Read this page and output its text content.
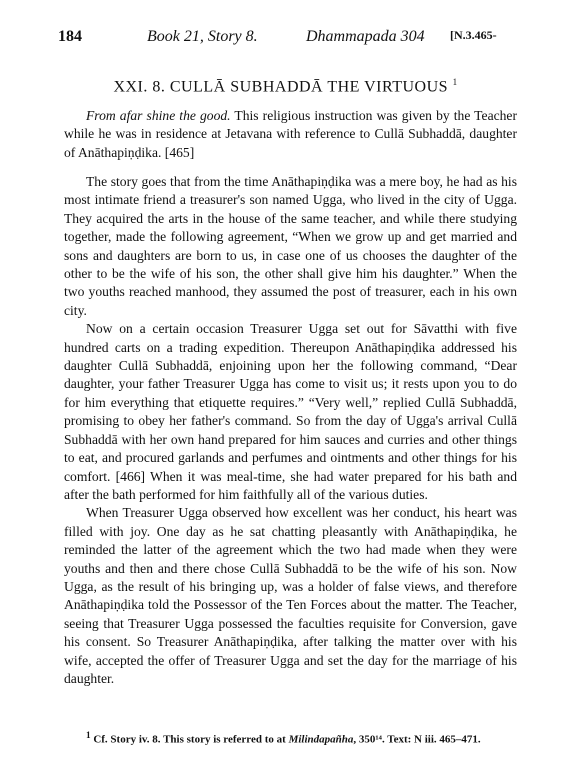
184	Book 21, Story 8.	Dhammapada 304 [N.3.465-
XXI. 8. CULLĀ SUBHADDĀ THE VIRTUOUS $^1$

From afar shine the good. This religious instruction was given by the Teacher while he was in residence at Jetavana with reference to Cullā Subhaddā, daughter of Anāthapiṇḍika. [465]

The story goes that from the time Anāthapiṇḍika was a mere boy, he had as his most intimate friend a treasurer's son named Ugga, who lived in the city of Ugga. They acquired the arts in the house of the same teacher, and while there studying together, made the following agreement, “When we grow up and get married and sons and daughters are born to us, in case one of us chooses the daughter of the other to be the wife of his son, the other shall give him his daughter.” When the two youths reached manhood, they assumed the post of treasurer, each in his own city.

Now on a certain occasion Treasurer Ugga set out for Sāvatthi with five hundred carts on a trading expedition. Thereupon Anāthapiṇḍika addressed his daughter Cullā Subhaddā, enjoining upon her the following command, “Dear daughter, your father Treasurer Ugga has come to visit us; it rests upon you to do for him everything that etiquette requires.” “Very well,” replied Cullā Subhaddā, promising to obey her father's command. So from the day of Ugga's arrival Cullā Subhaddā with her own hand prepared for him sauces and curries and other things to eat, and procured garlands and perfumes and ointments and other things for his comfort. [466] When it was meal-time, she had water prepared for his bath and after the bath performed for him faithfully all of the various duties.

When Treasurer Ugga observed how excellent was her conduct, his heart was filled with joy. One day as he sat chatting pleasantly with Anāthapiṇḍika, he reminded the latter of the agreement which the two had made when they were youths and then and there chose Cullā Subhaddā to be the wife of his son. Now Ugga, as the result of his bringing up, was a holder of false views, and therefore Anāthapiṇḍika told the Possessor of the Ten Forces about the matter. The Teacher, seeing that Treasurer Ugga possessed the faculties requisite for Conversion, gave his consent. So Treasurer Anāthapiṇḍika, after talking the matter over with his wife, accepted the offer of Treasurer Ugga and set the day for the marriage of his daughter.

$^1$ Cf. Story iv. 8. This story is referred to at Milindapañha, 350¹⁴. Text: N iii. 465–471.
